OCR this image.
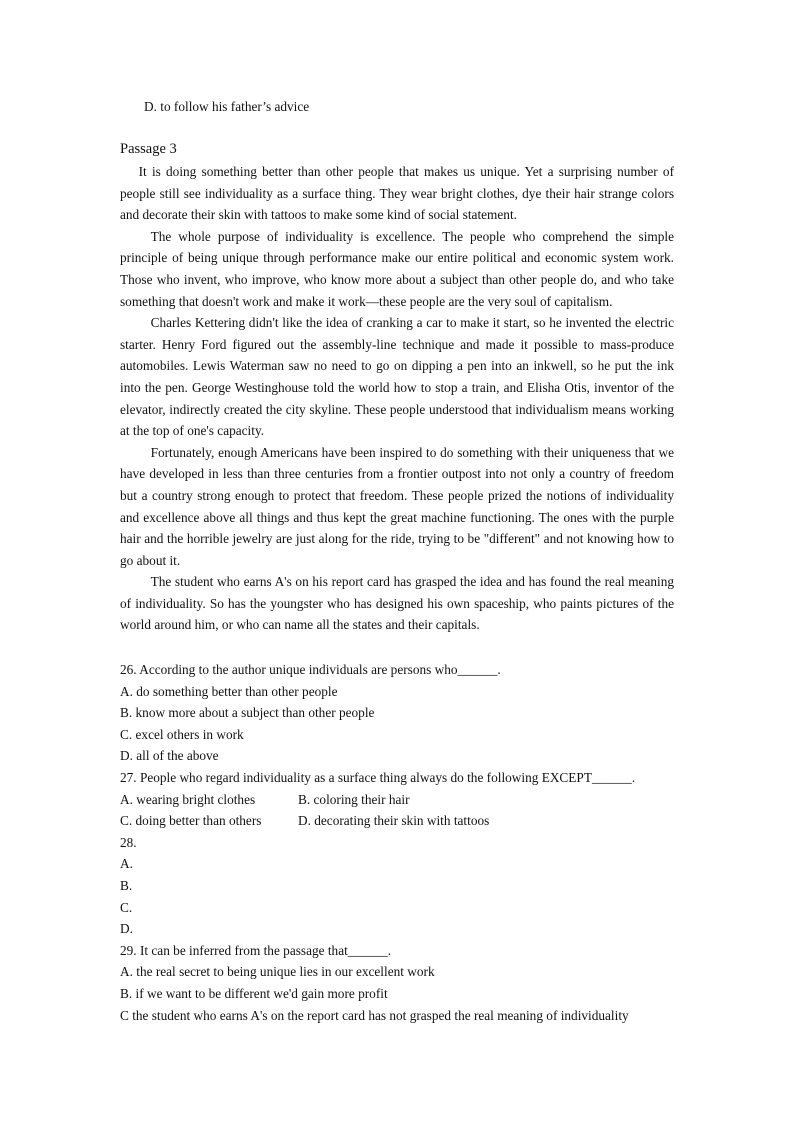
D. to follow his father’s advice
Passage 3

It is doing something better than other people that makes us unique. Yet a surprising number of people still see individuality as a surface thing. They wear bright clothes, dye their hair strange colors and decorate their skin with tattoos to make some kind of social statement.

The whole purpose of individuality is excellence. The people who comprehend the simple principle of being unique through performance make our entire political and economic system work. Those who invent, who improve, who know more about a subject than other people do, and who take something that doesn't work and make it work—these people are the very soul of capitalism.

Charles Kettering didn't like the idea of cranking a car to make it start, so he invented the electric starter. Henry Ford figured out the assembly-line technique and made it possible to mass-produce automobiles. Lewis Waterman saw no need to go on dipping a pen into an inkwell, so he put the ink into the pen. George Westinghouse told the world how to stop a train, and Elisha Otis, inventor of the elevator, indirectly created the city skyline. These people understood that individualism means working at the top of one's capacity.

Fortunately, enough Americans have been inspired to do something with their uniqueness that we have developed in less than three centuries from a frontier outpost into not only a country of freedom but a country strong enough to protect that freedom. These people prized the notions of individuality and excellence above all things and thus kept the great machine functioning. The ones with the purple hair and the horrible jewelry are just along for the ride, trying to be "different" and not knowing how to go about it.

The student who earns A's on his report card has grasped the idea and has found the real meaning of individuality. So has the youngster who has designed his own spaceship, who paints pictures of the world around him, or who can name all the states and their capitals.

26. According to the author unique individuals are persons who______.
A. do something better than other people
B. know more about a subject than other people
C. excel others in work
D. all of the above
27. People who regard individuality as a surface thing always do the following EXCEPT______.
A. wearing bright clothes	B. coloring their hair
C. doing better than others	D. decorating their skin with tattoos
28.
A.
B.
C.
D.
29. It can be inferred from the passage that______.
A. the real secret to being unique lies in our excellent work
B. if we want to be different we'd gain more profit
C the student who earns A's on the report card has not grasped the real meaning of individuality
